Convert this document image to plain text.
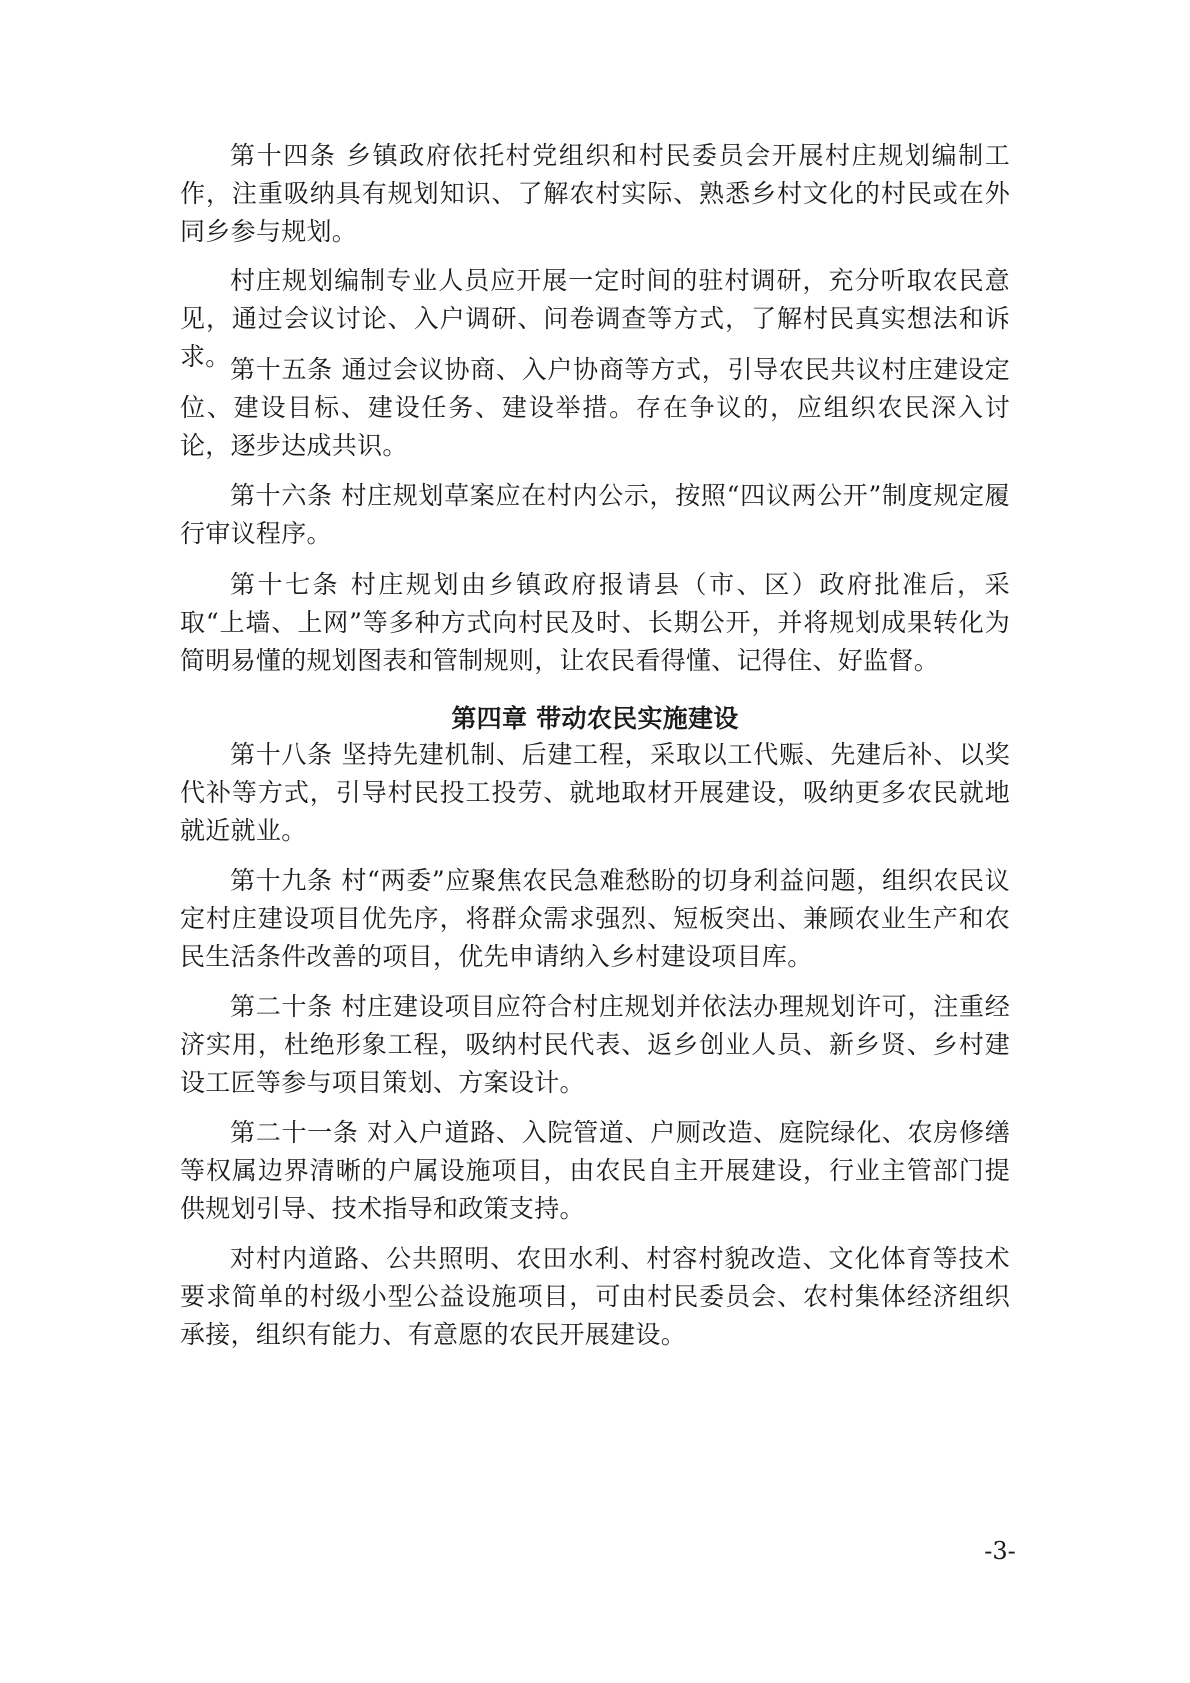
第十四条 乡镇政府依托村党组织和村民委员会开展村庄规划编制工作，注重吸纳具有规划知识、了解农村实际、熟悉乡村文化的村民或在外同乡参与规划。

村庄规划编制专业人员应开展一定时间的驻村调研，充分听取农民意见，通过会议讨论、入户调研、问卷调查等方式，了解村民真实想法和诉求。 第十五条 通过会议协商、入户协商等方式，引导农民共议村庄建设定位、建设目标、建设任务、建设举措。存在争议的，应组织农民深入讨论，逐步达成共识。

第十六条 村庄规划草案应在村内公示，按照“四议两公开”制度规定履行审议程序。

第十七条 村庄规划由乡镇政府报请县（市、区）政府批准后，采取“上墙、上网”等多种方式向村民及时、长期公开，并将规划成果转化为简明易懂的规划图表和管制规则，让农民看得懂、记得住、好监督。

第四章 带动农民实施建设

第十八条 坚持先建机制、后建工程，采取以工代赈、先建后补、以奖代补等方式，引导村民投工投劳、就地取材开展建设，吸纳更多农民就地就近就业。

第十九条 村“两委”应聚焦农民急难愁盼的切身利益问题，组织农民议定村庄建设项目优先序，将群众需求强烈、短板突出、兼顾农业生产和农民生活条件改善的项目，优先申请纳入乡村建设项目库。

第二十条 村庄建设项目应符合村庄规划并依法办理规划许可，注重经济实用，杜绝形象工程，吸纳村民代表、返乡创业人员、新乡贤、乡村建设工匠等参与项目策划、方案设计。

第二十一条 对入户道路、入院管道、户厕改造、庭院绿化、农房修缮等权属边界清晰的户属设施项目，由农民自主开展建设，行业主管部门提供规划引导、技术指导和政策支持。

对村内道路、公共照明、农田水利、村容村貌改造、文化体育等技术要求简单的村级小型公益设施项目，可由村民委员会、农村集体经济组织承接，组织有能力、有意愿的农民开展建设。

-3-
